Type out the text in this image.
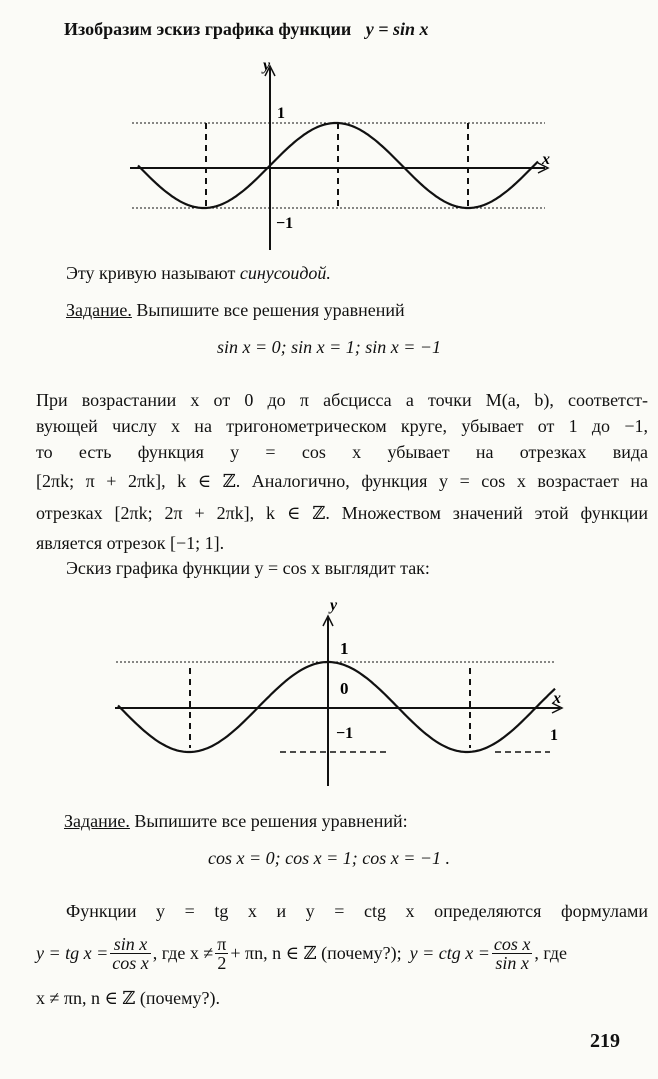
Изобразим эскиз графика функции y = sin x
y
x
1
−1
Эту кривую называют синусоидой.
Задание. Выпишите все решения уравнений
sin x = 0; sin x = 1; sin x = −1
При возрастании x от 0 до π абсцисса a точки M(a, b), соответст-
вующей числу x на тригонометрическом круге, убывает от 1 до −1,
то есть функция y = cos x убывает на отрезках вида
[2πk; π + 2πk], k ∈ ℤ. Аналогично, функция y = cos x возрастает на
отрезках [2πk; 2π + 2πk], k ∈ ℤ. Множеством значений этой функции
является отрезок [−1; 1].
Эскиз графика функции y = cos x выглядит так:
y
x
1
0
−1	1
Задание. Выпишите все решения уравнений:
cos x = 0; cos x = 1; cos x = −1 .
Функции y = tg x и y = ctg x определяются формулами
y = tg $x = \frac{\text{sin x}}{\text{cos x}}$ , где $x \ne \frac{\pi}{2} + \pi n$, n ∈ ℤ (почему?); y = ctg $x = \frac{\text{cos x}}{\text{sin x}}$ , где
x ≠ πn, n ∈ ℤ (почему?).
219
